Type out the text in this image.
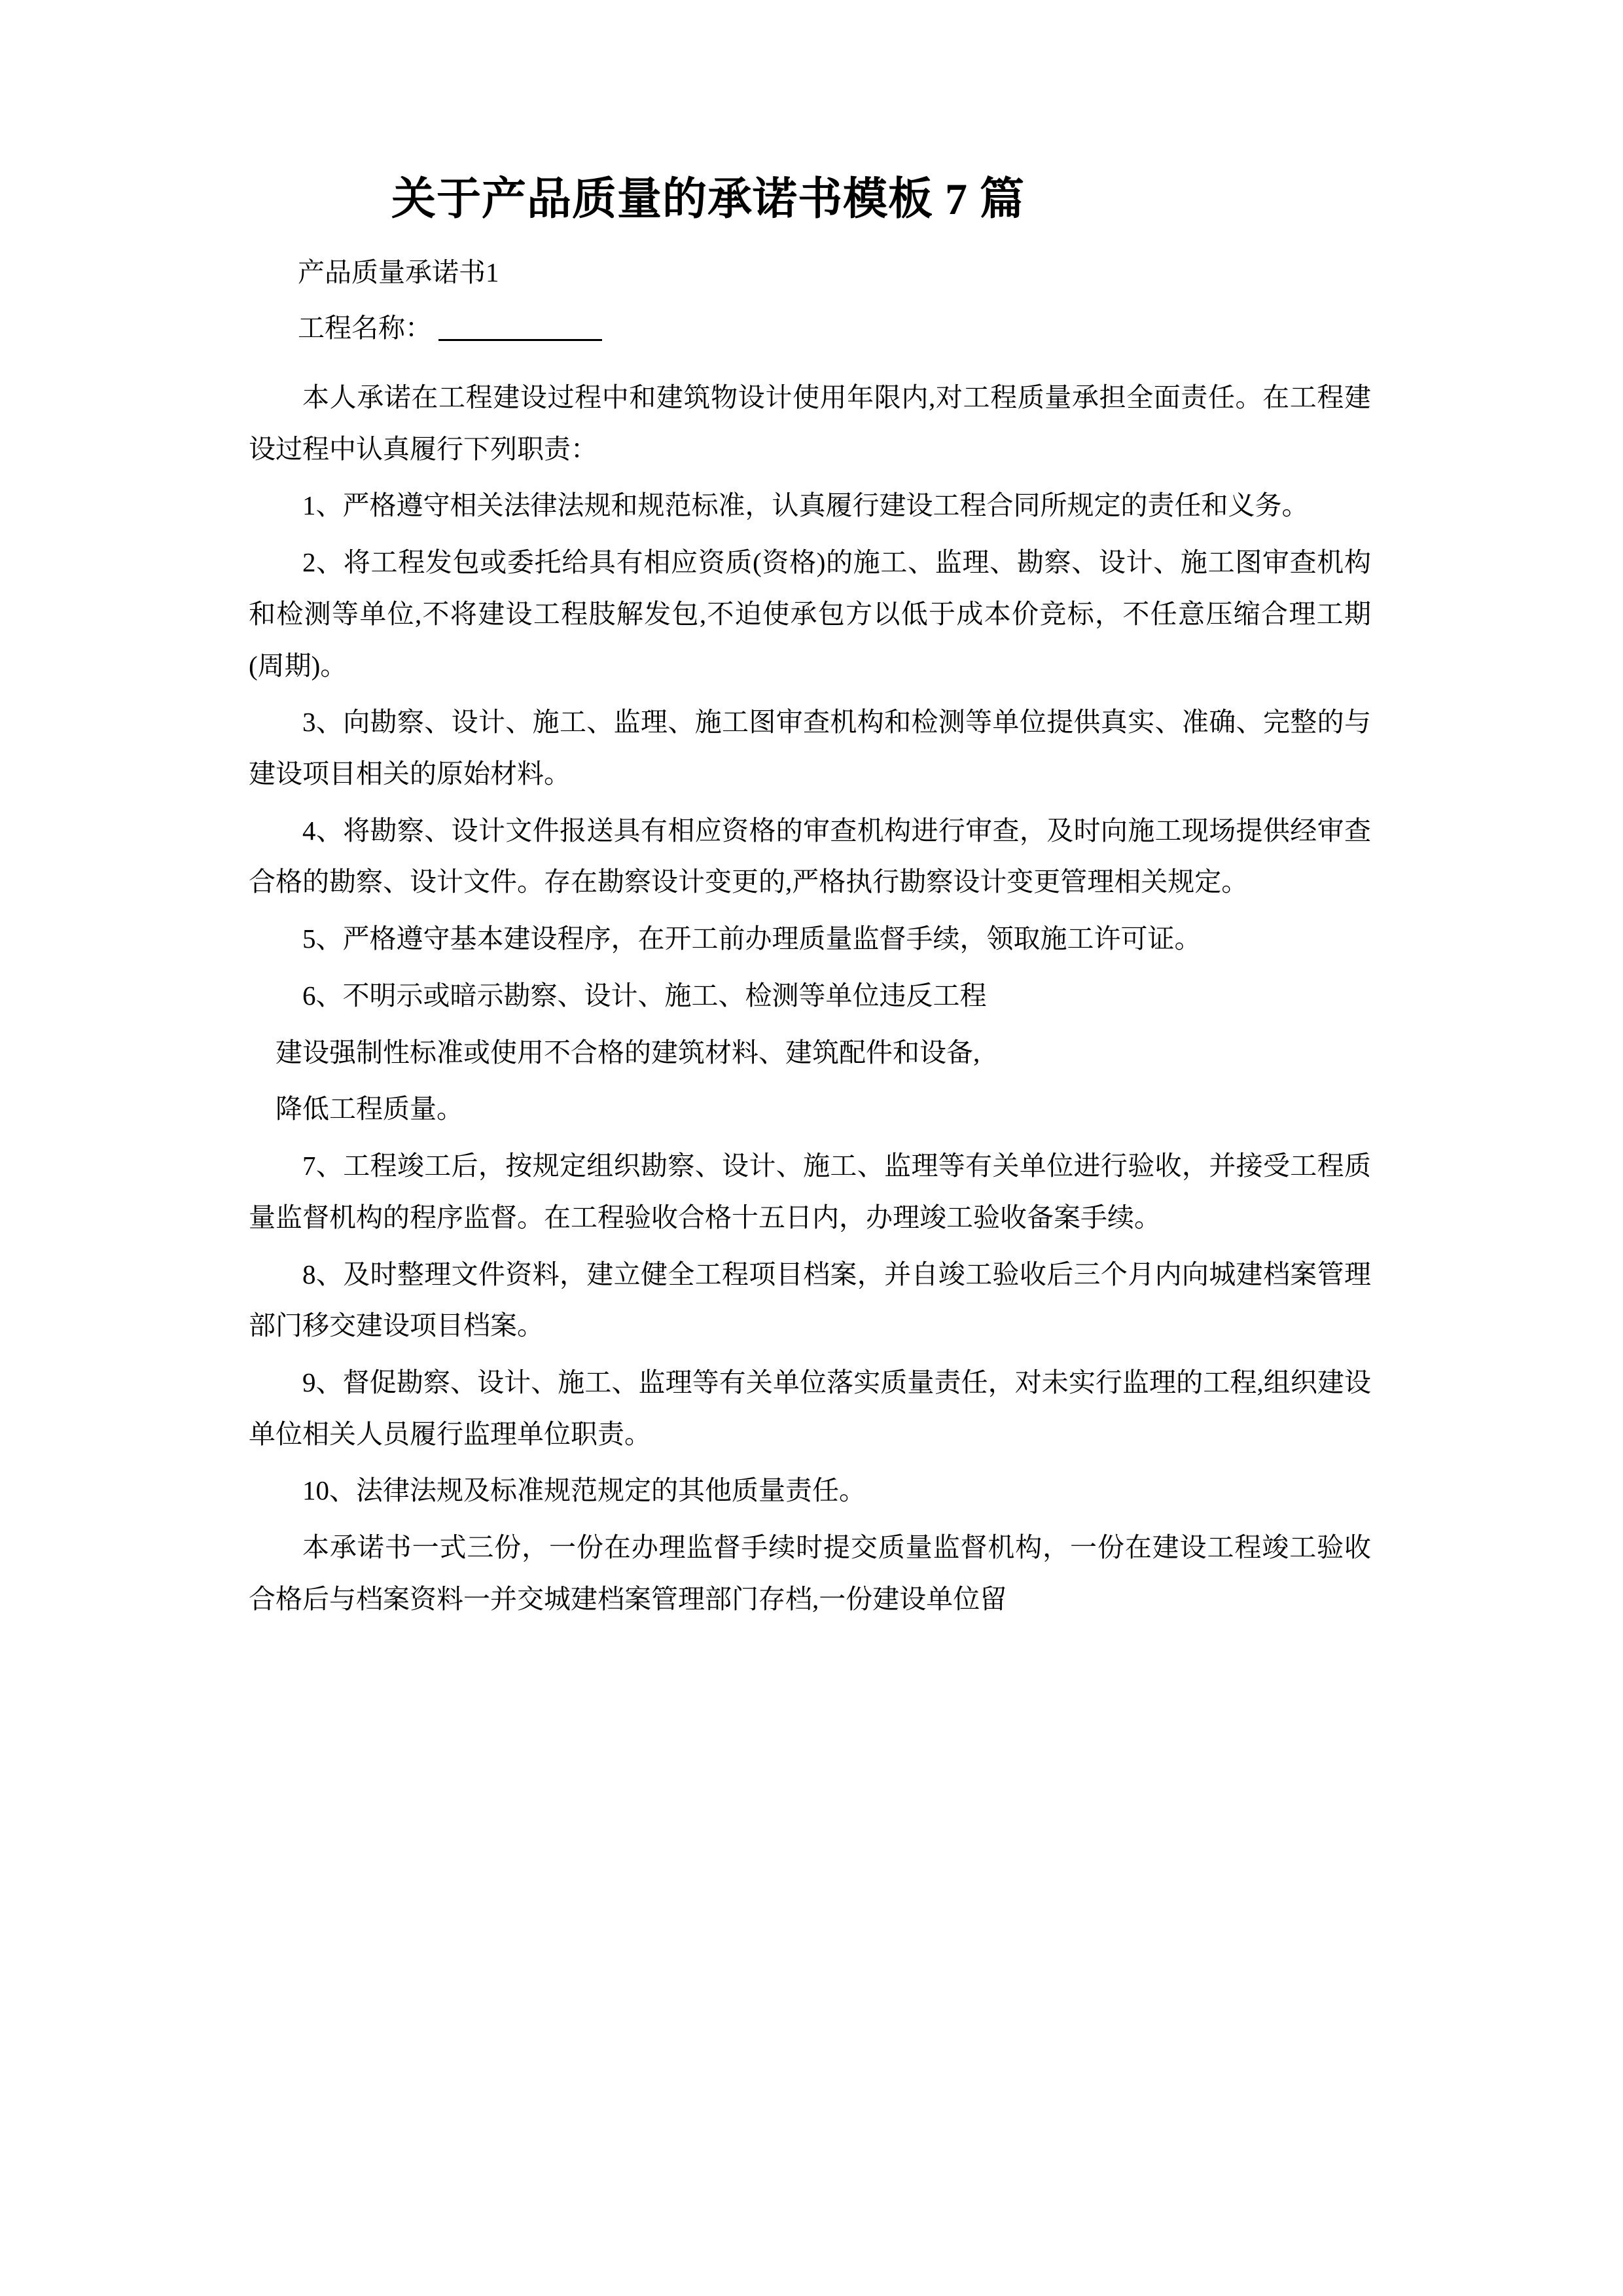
关于产品质量的承诺书模板 7 篇
产品质量承诺书1
工程名称：

本人承诺在工程建设过程中和建筑物设计使用年限内,对工程质量承担全面责任。在工程建设过程中认真履行下列职责：

1、严格遵守相关法律法规和规范标准，认真履行建设工程合同所规定的责任和义务。

2、将工程发包或委托给具有相应资质(资格)的施工、监理、勘察、设计、施工图审查机构和检测等单位,不将建设工程肢解发包,不迫使承包方以低于成本价竞标，不任意压缩合理工期(周期)。

3、向勘察、设计、施工、监理、施工图审查机构和检测等单位提供真实、准确、完整的与建设项目相关的原始材料。

4、将勘察、设计文件报送具有相应资格的审查机构进行审查，及时向施工现场提供经审查合格的勘察、设计文件。存在勘察设计变更的,严格执行勘察设计变更管理相关规定。

5、严格遵守基本建设程序，在开工前办理质量监督手续，领取施工许可证。

6、不明示或暗示勘察、设计、施工、检测等单位违反工程

建设强制性标准或使用不合格的建筑材料、建筑配件和设备,

降低工程质量。

7、工程竣工后，按规定组织勘察、设计、施工、监理等有关单位进行验收，并接受工程质量监督机构的程序监督。在工程验收合格十五日内，办理竣工验收备案手续。

8、及时整理文件资料，建立健全工程项目档案，并自竣工验收后三个月内向城建档案管理部门移交建设项目档案。

9、督促勘察、设计、施工、监理等有关单位落实质量责任，对未实行监理的工程,组织建设单位相关人员履行监理单位职责。

10、法律法规及标准规范规定的其他质量责任。

本承诺书一式三份，一份在办理监督手续时提交质量监督机构，一份在建设工程竣工验收合格后与档案资料一并交城建档案管理部门存档,一份建设单位留
